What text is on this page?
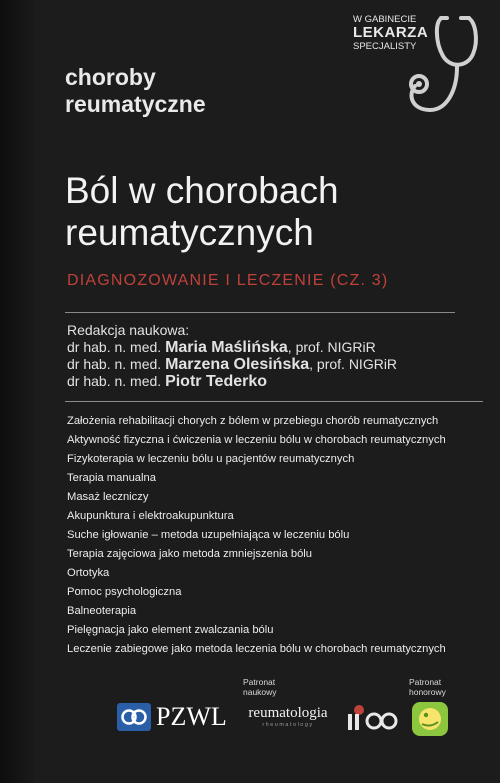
choroby
reumatyczne
W GABINECIE
LEKARZA
SPECJALISTY
Ból w chorobach
reumatycznych
DIAGNOZOWANIE I LECZENIE (CZ. 3)
Redakcja naukowa:
dr hab. n. med. Maria Maślińska, prof. NIGRiR
dr hab. n. med. Marzena Olesińska, prof. NIGRiR
dr hab. n. med. Piotr Tederko
Założenia rehabilitacji chorych z bólem w przebiegu chorób reumatycznych
Aktywność fizyczna i ćwiczenia w leczeniu bólu w chorobach reumatycznych
Fizykoterapia w leczeniu bólu u pacjentów reumatycznych
Terapia manualna
Masaż leczniczy
Akupunktura i elektroakupunktura
Suche igłowanie – metoda uzupełniająca w leczeniu bólu
Terapia zajęciowa jako metoda zmniejszenia bólu
Ortotyka
Pomoc psychologiczna
Balneoterapia
Pielęgnacja jako element zwalczania bólu
Leczenie zabiegowe jako metoda leczenia bólu w chorobach reumatycznych
Patronat
naukowy
Patronat
honorowy
PZWL	reumatologia
rheumatology
